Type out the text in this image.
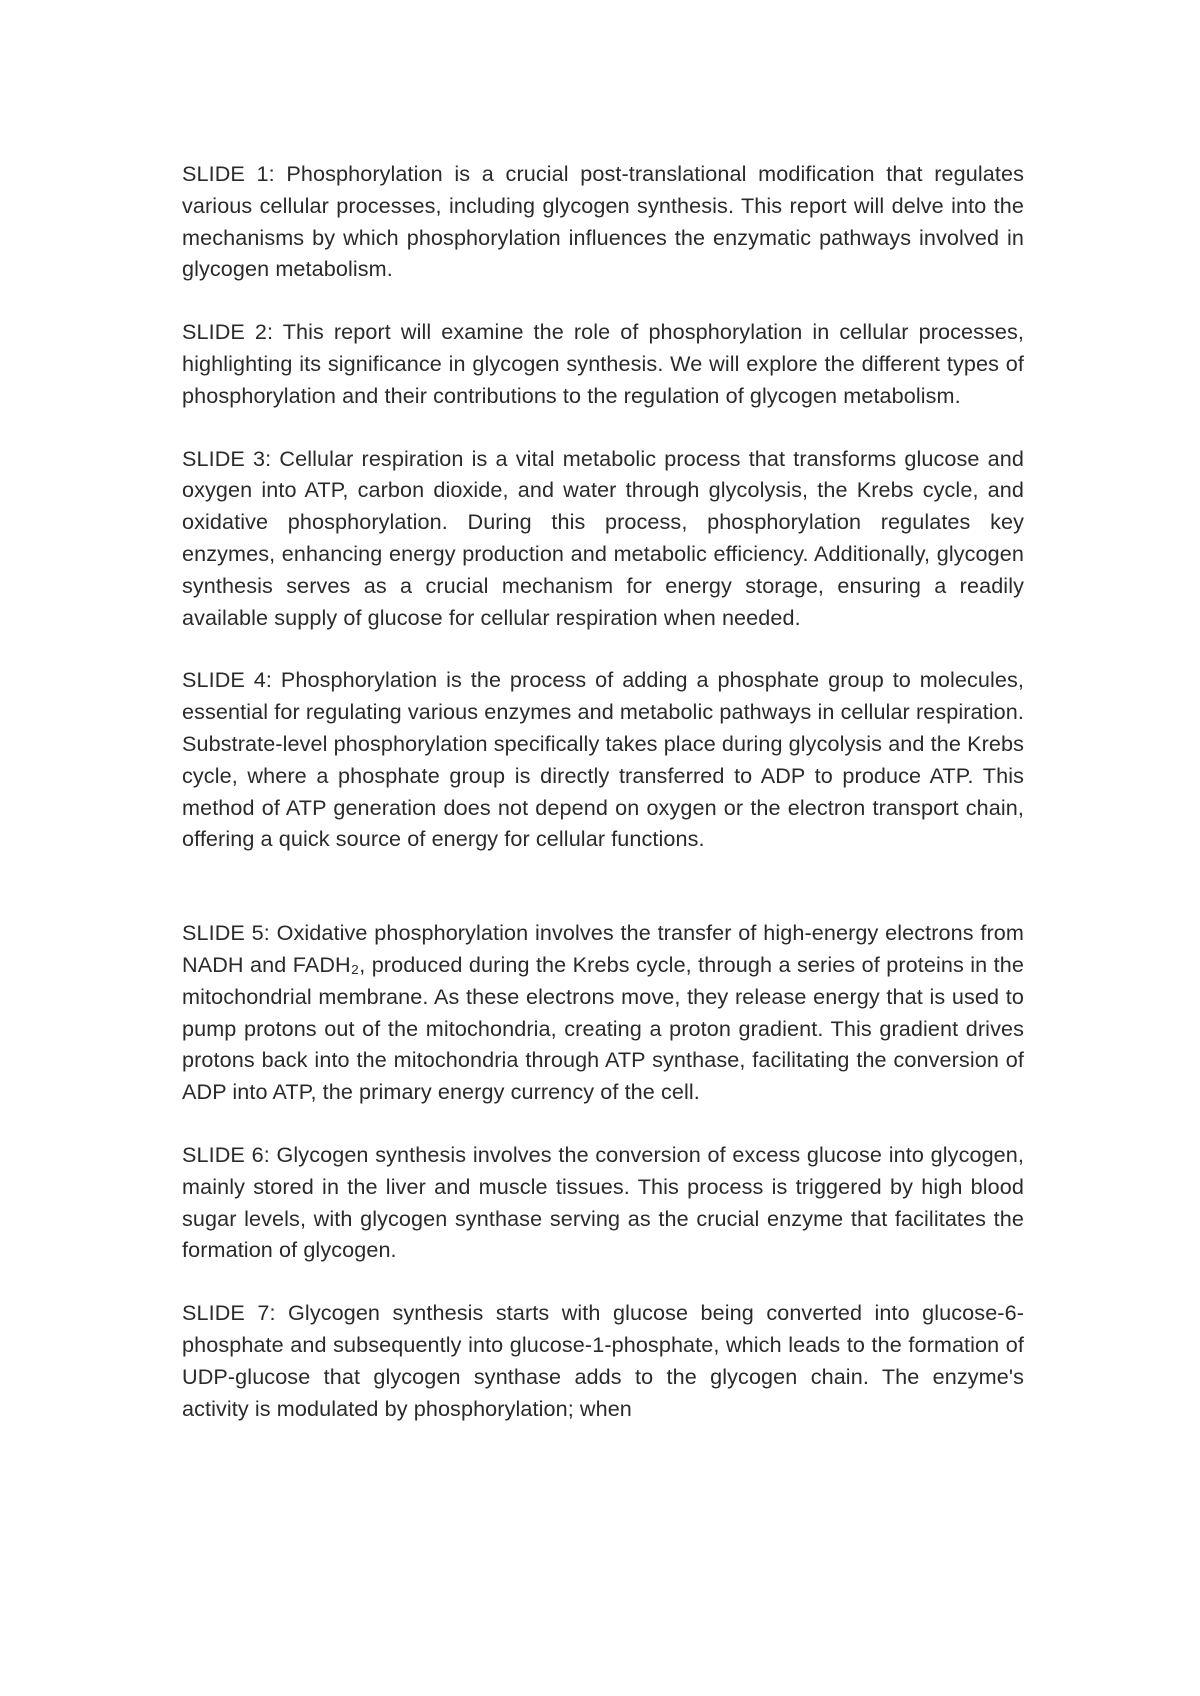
SLIDE 1: Phosphorylation is a crucial post-translational modification that regulates various cellular processes, including glycogen synthesis. This report will delve into the mechanisms by which phosphorylation influences the enzymatic pathways involved in glycogen metabolism.

SLIDE 2: This report will examine the role of phosphorylation in cellular processes, highlighting its significance in glycogen synthesis. We will explore the different types of phosphorylation and their contributions to the regulation of glycogen metabolism.

SLIDE 3: Cellular respiration is a vital metabolic process that transforms glucose and oxygen into ATP, carbon dioxide, and water through glycolysis, the Krebs cycle, and oxidative phosphorylation. During this process, phosphorylation regulates key enzymes, enhancing energy production and metabolic efficiency. Additionally, glycogen synthesis serves as a crucial mechanism for energy storage, ensuring a readily available supply of glucose for cellular respiration when needed.

SLIDE 4: Phosphorylation is the process of adding a phosphate group to molecules, essential for regulating various enzymes and metabolic pathways in cellular respiration. Substrate-level phosphorylation specifically takes place during glycolysis and the Krebs cycle, where a phosphate group is directly transferred to ADP to produce ATP. This method of ATP generation does not depend on oxygen or the electron transport chain, offering a quick source of energy for cellular functions.

SLIDE 5: Oxidative phosphorylation involves the transfer of high-energy electrons from NADH and FADH₂, produced during the Krebs cycle, through a series of proteins in the mitochondrial membrane. As these electrons move, they release energy that is used to pump protons out of the mitochondria, creating a proton gradient. This gradient drives protons back into the mitochondria through ATP synthase, facilitating the conversion of ADP into ATP, the primary energy currency of the cell.

SLIDE 6: Glycogen synthesis involves the conversion of excess glucose into glycogen, mainly stored in the liver and muscle tissues. This process is triggered by high blood sugar levels, with glycogen synthase serving as the crucial enzyme that facilitates the formation of glycogen.

SLIDE 7: Glycogen synthesis starts with glucose being converted into glucose-6-phosphate and subsequently into glucose-1-phosphate, which leads to the formation of UDP-glucose that glycogen synthase adds to the glycogen chain. The enzyme's activity is modulated by phosphorylation; when
